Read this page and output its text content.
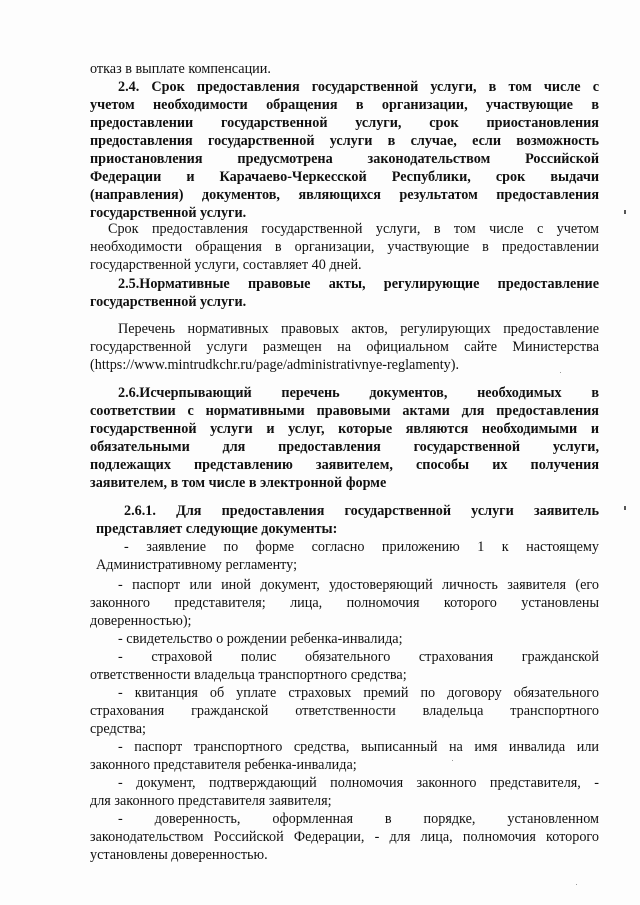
отказ в выплате компенсации.
2.4. Срок предоставления государственной услуги, в том числе с
учетом необходимости обращения в организации, участвующие в
предоставлении государственной услуги, срок приостановления
предоставления государственной услуги в случае, если возможность
приостановления предусмотрена законодательством Российской
Федерации и Карачаево-Черкесской Республики, срок выдачи
(направления) документов, являющихся результатом предоставления
государственной услуги.
Срок предоставления государственной услуги, в том числе с учетом
необходимости обращения в организации, участвующие в предоставлении
государственной услуги, составляет 40 дней.
2.5.Нормативные правовые акты, регулирующие предоставление
государственной услуги.
Перечень нормативных правовых актов, регулирующих предоставление
государственной услуги размещен на официальном сайте Министерства
(https://www.mintrudkchr.ru/page/administrativnye-reglamenty).
2.6.Исчерпывающий перечень документов, необходимых в
соответствии с нормативными правовыми актами для предоставления
государственной услуги и услуг, которые являются необходимыми и
обязательными для предоставления государственной услуги,
подлежащих представлению заявителем, способы их получения
заявителем, в том числе в электронной форме
2.6.1. Для предоставления государственной услуги заявитель
представляет следующие документы:
- заявление по форме согласно приложению 1 к настоящему
Административному регламенту;
- паспорт или иной документ, удостоверяющий личность заявителя (его
законного представителя; лица, полномочия которого установлены
доверенностью);
- свидетельство о рождении ребенка-инвалида;
- страховой полис обязательного страхования гражданской
ответственности владельца транспортного средства;
- квитанция об уплате страховых премий по договору обязательного
страхования гражданской ответственности владельца транспортного
средства;
- паспорт транспортного средства, выписанный на имя инвалида или
законного представителя ребенка-инвалида;
- документ, подтверждающий полномочия законного представителя, -
для законного представителя заявителя;
- доверенность, оформленная в порядке, установленном
законодательством Российской Федерации, - для лица, полномочия которого
установлены доверенностью.
